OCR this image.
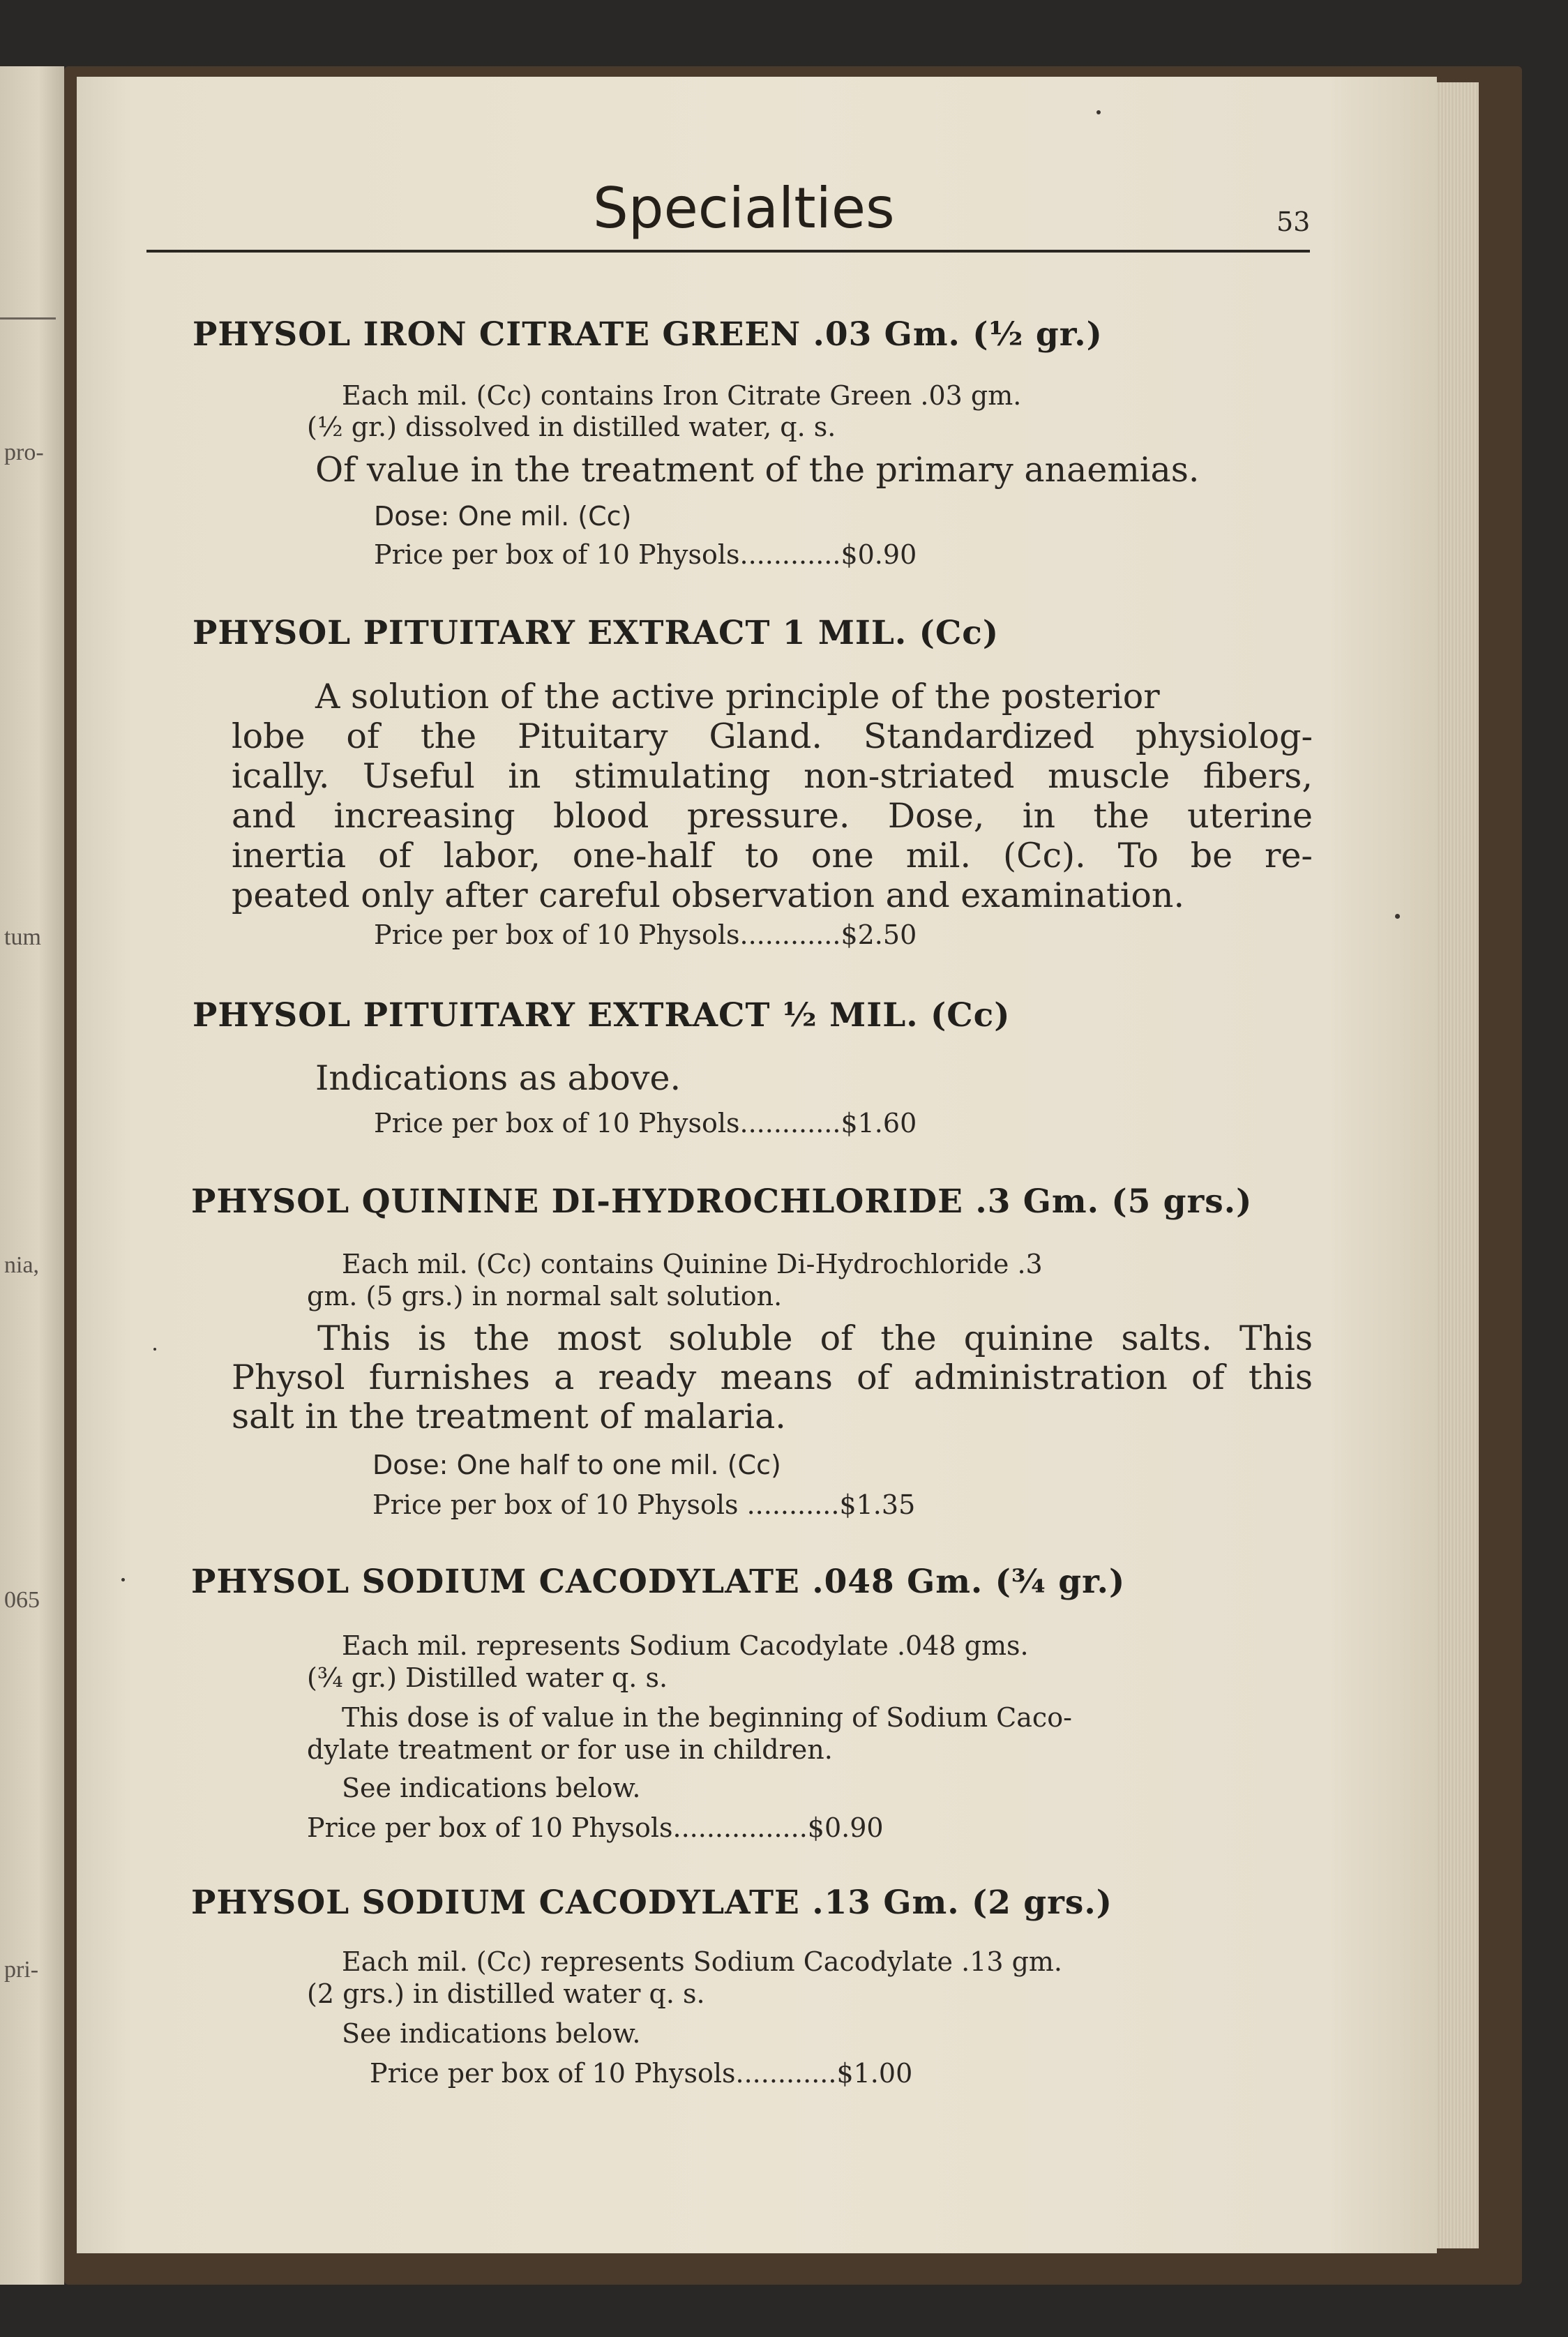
pro-
tum
nia,
065
pri-
Specialties	53
PHYSOL IRON CITRATE GREEN .03 Gm. (½ gr.)
Each mil. (Cc) contains Iron Citrate Green .03 gm.
(½ gr.) dissolved in distilled water, q. s.
Of value in the treatment of the primary anaemias.
Dose: One mil. (Cc)
Price per box of 10 Physols............$0.90
PHYSOL PITUITARY EXTRACT 1 MIL. (Cc)
A solution of the active principle of the posterior
lobe of the Pituitary Gland. Standardized physiolog-
ically. Useful in stimulating non-striated muscle fibers,
and increasing blood pressure. Dose, in the uterine
inertia of labor, one-half to one mil. (Cc). To be re-
peated only after careful observation and examination.
Price per box of 10 Physols............$2.50
PHYSOL PITUITARY EXTRACT ½ MIL. (Cc)
Indications as above.
Price per box of 10 Physols............$1.60
PHYSOL QUININE DI-HYDROCHLORIDE .3 Gm. (5 grs.)
Each mil. (Cc) contains Quinine Di-Hydrochloride .3
gm. (5 grs.) in normal salt solution.
This is the most soluble of the quinine salts. This
Physol furnishes a ready means of administration of this
salt in the treatment of malaria.
Dose: One half to one mil. (Cc)
Price per box of 10 Physols ...........$1.35
PHYSOL SODIUM CACODYLATE .048 Gm. (¾ gr.)
Each mil. represents Sodium Cacodylate .048 gms.
(¾ gr.) Distilled water q. s.
This dose is of value in the beginning of Sodium Caco-
dylate treatment or for use in children.
See indications below.
Price per box of 10 Physols................$0.90
PHYSOL SODIUM CACODYLATE .13 Gm. (2 grs.)
Each mil. (Cc) represents Sodium Cacodylate .13 gm.
(2 grs.) in distilled water q. s.
See indications below.
Price per box of 10 Physols............$1.00
